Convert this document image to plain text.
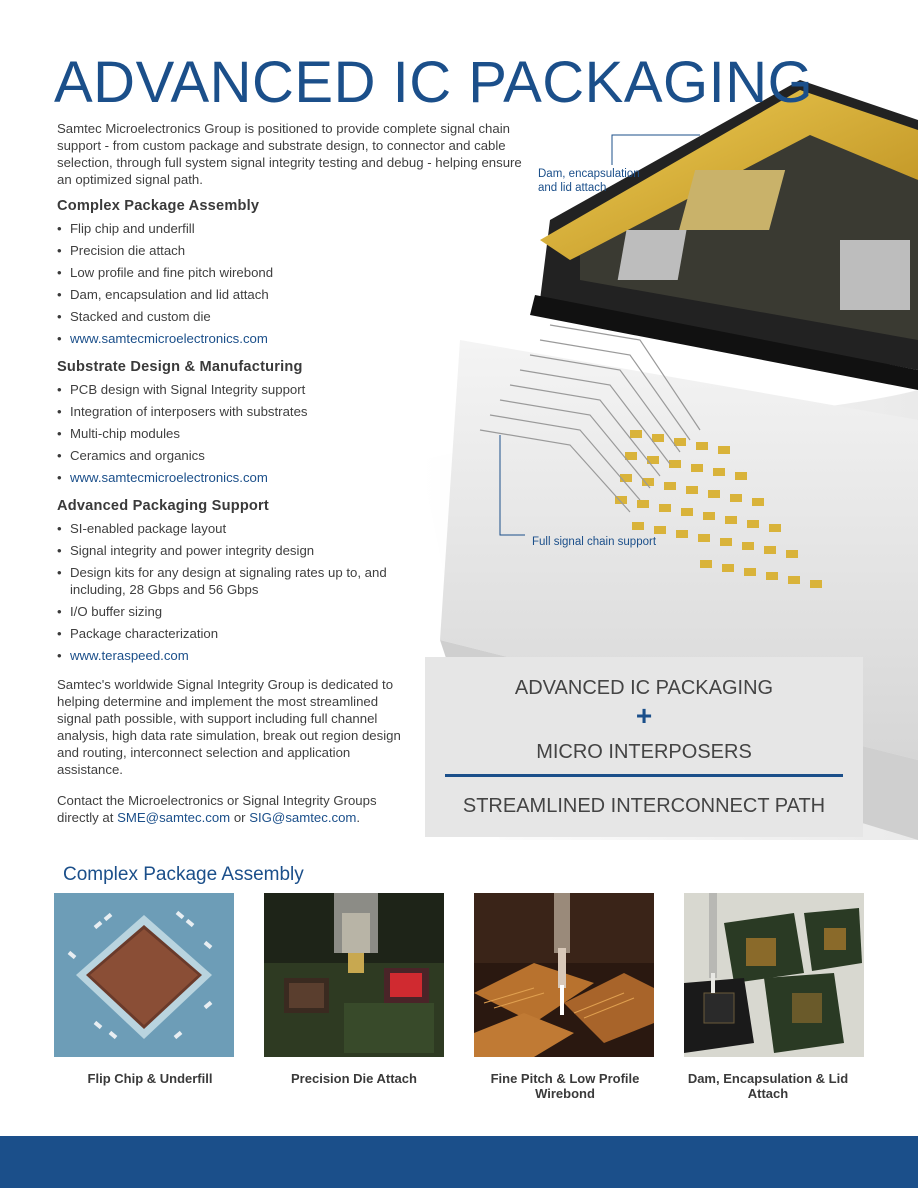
ADVANCED IC PACKAGING
Dam, encapsulation and lid attach
Full signal chain support

Samtec Microelectronics Group is positioned to provide complete signal chain support - from custom package and substrate design, to connector and cable selection, through full system signal integrity testing and debug - helping ensure an optimized signal path.

Complex Package Assembly
• Flip chip and underfill
• Precision die attach
• Low profile and fine pitch wirebond
• Dam, encapsulation and lid attach
• Stacked and custom die
• www.samtecmicroelectronics.com
Substrate Design & Manufacturing
• PCB design with Signal Integrity support
• Integration of interposers with substrates
• Multi-chip modules
• Ceramics and organics
• www.samtecmicroelectronics.com
Advanced Packaging Support
• SI-enabled package layout
• Signal integrity and power integrity design
• Design kits for any design at signaling rates up to, and including, 28 Gbps and 56 Gbps
• I/O buffer sizing
• Package characterization
• www.teraspeed.com

Samtec's worldwide Signal Integrity Group is dedicated to helping determine and implement the most streamlined signal path possible, with support including full channel analysis, high data rate simulation, break out region design and routing, interconnect selection and application assistance.

Contact the Microelectronics or Signal Integrity Groups directly at SME@samtec.com or SIG@samtec.com.

ADVANCED IC PACKAGING
+
MICRO INTERPOSERS
STREAMLINED INTERCONNECT PATH
Complex Package Assembly
Flip Chip & Underfill	Precision Die Attach	Fine Pitch & Low Profile Wirebond
Dam, Encapsulation & Lid Attach
